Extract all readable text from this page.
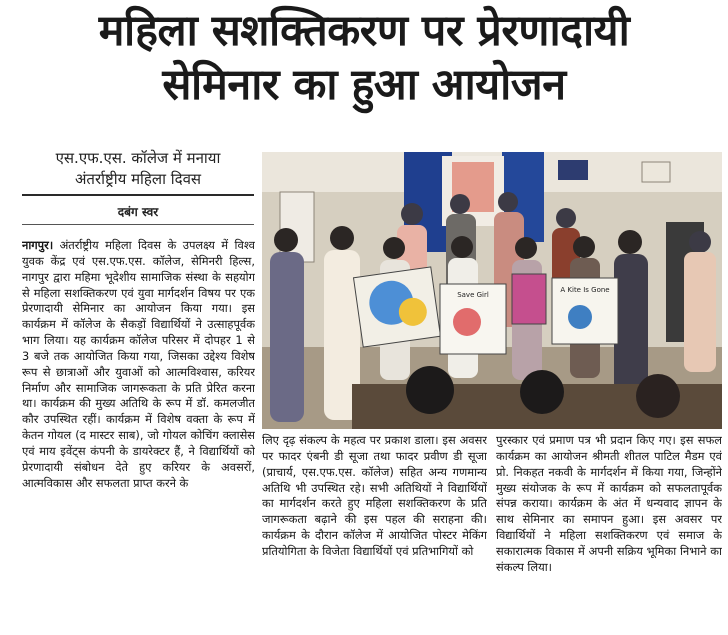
महिला सशक्तिकरण पर प्रेरणादायी
सेमिनार का हुआ आयोजन
एस.एफ.एस. कॉलेज में मनाया
अंतर्राष्ट्रीय महिला दिवस
दबंग स्वर
नागपुर। अंतर्राष्ट्रीय महिला दिवस के उपलक्ष्य में विश्व युवक केंद्र एवं एस.एफ.एस. कॉलेज, सेमिनरी हिल्स, नागपुर द्वारा महिमा भूदेशीय सामाजिक संस्था के सहयोग से महिला सशक्तिकरण एवं युवा मार्गदर्शन विषय पर एक प्रेरणादायी सेमिनार का आयोजन किया गया। इस कार्यक्रम में कॉलेज के सैकड़ों विद्यार्थियों ने उत्साहपूर्वक भाग लिया। यह कार्यक्रम कॉलेज परिसर में दोपहर 1 से 3 बजे तक आयोजित किया गया, जिसका उद्देश्य विशेष रूप से छात्राओं और युवाओं को आत्मविश्वास, करियर निर्माण और सामाजिक जागरूकता के प्रति प्रेरित करना था। कार्यक्रम की मुख्य अतिथि के रूप में डॉ. कमलजीत कौर उपस्थित रहीं। कार्यक्रम में विशेष वक्ता के रूप में केतन गोयल (द मास्टर साब), जो गोयल कोचिंग क्लासेस एवं माय इवेंट्स कंपनी के डायरेक्टर हैं, ने विद्यार्थियों को प्रेरणादायी संबोधन देते हुए करियर के अवसरों, आत्मविकास और सफलता प्राप्त करने के
Save Girl
A Kite Is Gone
लिए दृढ़ संकल्प के महत्व पर प्रकाश डाला। इस अवसर पर फादर एंबनी डी सूजा तथा फादर प्रवीण डी सूजा (प्राचार्य, एस.एफ.एस. कॉलेज) सहित अन्य गणमान्य अतिथि भी उपस्थित रहे। सभी अतिथियों ने विद्यार्थियों का मार्गदर्शन करते हुए महिला सशक्तिकरण के प्रति जागरूकता बढ़ाने की इस पहल की सराहना की। कार्यक्रम के दौरान कॉलेज में आयोजित पोस्टर मेकिंग प्रतियोगिता के विजेता विद्यार्थियों एवं प्रतिभागियों को
पुरस्कार एवं प्रमाण पत्र भी प्रदान किए गए। इस सफल कार्यक्रम का आयोजन श्रीमती शीतल पाटिल मैडम एवं प्रो. निकहत नकवी के मार्गदर्शन में किया गया, जिन्होंने मुख्य संयोजक के रूप में कार्यक्रम को सफलतापूर्वक संपन्न कराया। कार्यक्रम के अंत में धन्यवाद ज्ञापन के साथ सेमिनार का समापन हुआ। इस अवसर पर विद्यार्थियों ने महिला सशक्तिकरण एवं समाज के सकारात्मक विकास में अपनी सक्रिय भूमिका निभाने का संकल्प लिया।
